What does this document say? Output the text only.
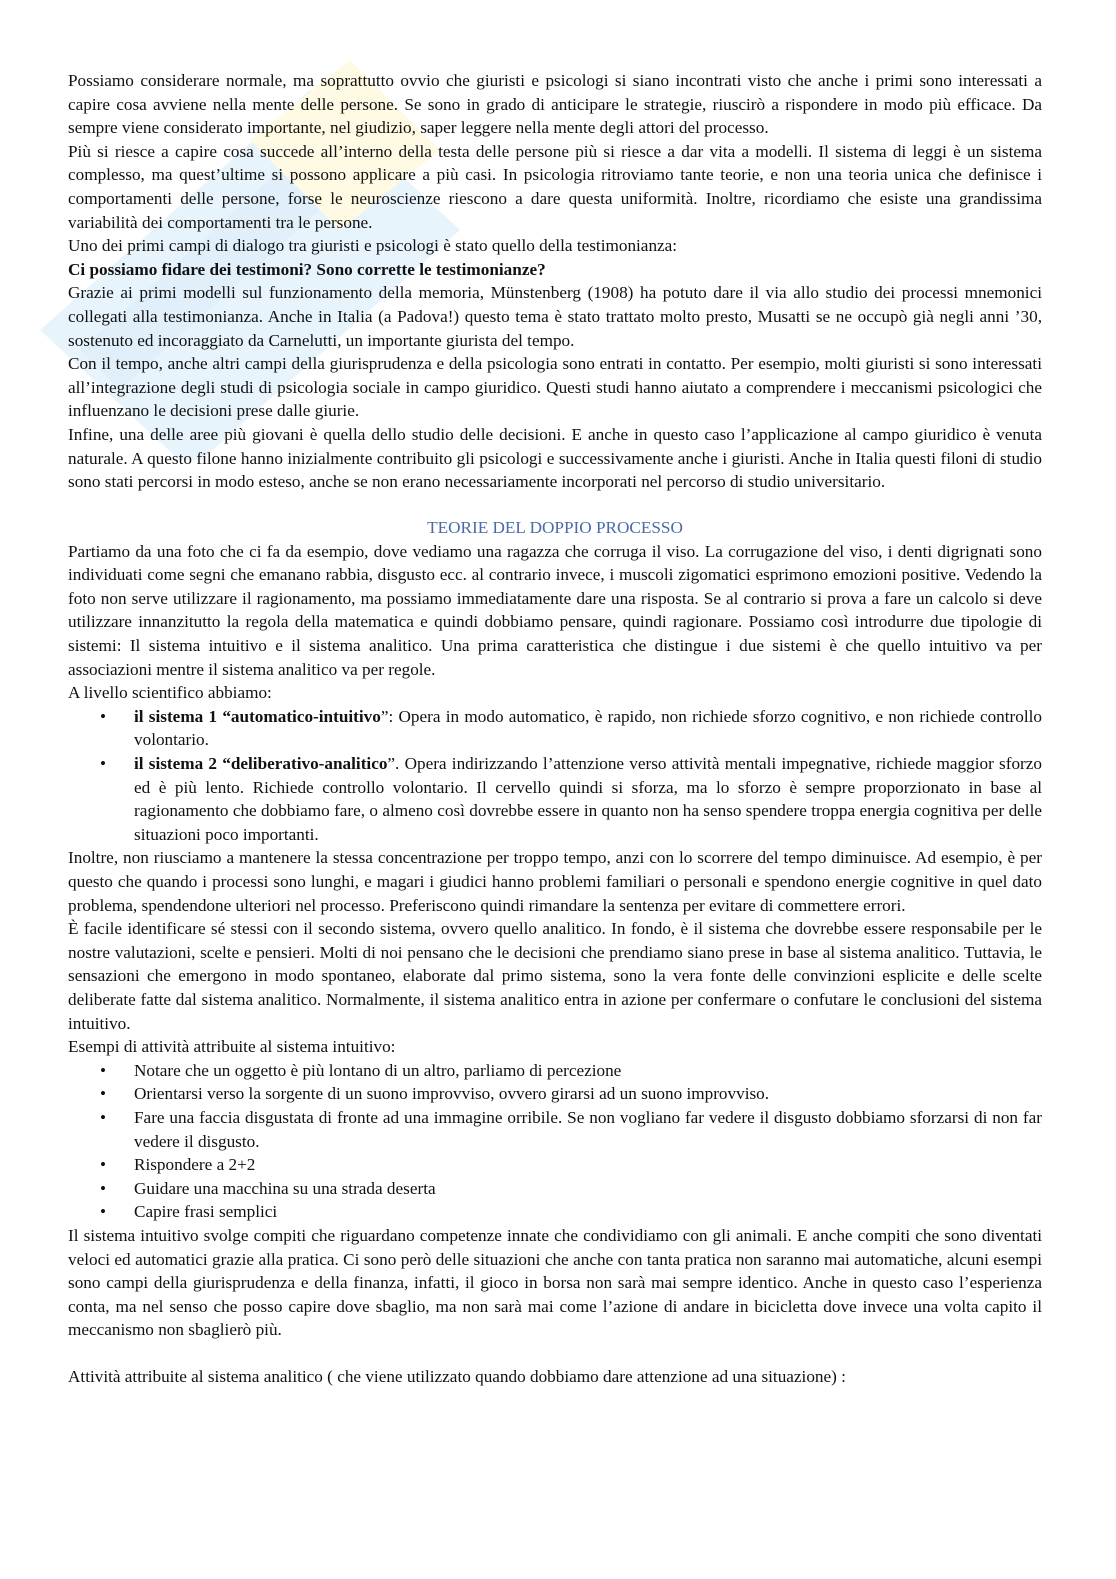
Possiamo considerare normale, ma soprattutto ovvio che giuristi e psicologi si siano incontrati visto che anche i primi sono interessati a capire cosa avviene nella mente delle persone. Se sono in grado di anticipare le strategie, riuscirò a rispondere in modo più efficace. Da sempre viene considerato importante, nel giudizio, saper leggere nella mente degli attori del processo.

Più si riesce a capire cosa succede all’interno della testa delle persone più si riesce a dar vita a modelli. Il sistema di leggi è un sistema complesso, ma quest’ultime si possono applicare a più casi. In psicologia ritroviamo tante teorie, e non una teoria unica che definisce i comportamenti delle persone, forse le neuroscienze riescono a dare questa uniformità. Inoltre, ricordiamo che esiste una grandissima variabilità dei comportamenti tra le persone.

Uno dei primi campi di dialogo tra giuristi e psicologi è stato quello della testimonianza:

Ci possiamo fidare dei testimoni? Sono corrette le testimonianze?

Grazie ai primi modelli sul funzionamento della memoria, Münstenberg (1908) ha potuto dare il via allo studio dei processi mnemonici collegati alla testimonianza. Anche in Italia (a Padova!) questo tema è stato trattato molto presto, Musatti se ne occupò già negli anni ’30, sostenuto ed incoraggiato da Carnelutti, un importante giurista del tempo.

Con il tempo, anche altri campi della giurisprudenza e della psicologia sono entrati in contatto. Per esempio, molti giuristi si sono interessati all’integrazione degli studi di psicologia sociale in campo giuridico. Questi studi hanno aiutato a comprendere i meccanismi psicologici che influenzano le decisioni prese dalle giurie.

Infine, una delle aree più giovani è quella dello studio delle decisioni. E anche in questo caso l’applicazione al campo giuridico è venuta naturale. A questo filone hanno inizialmente contribuito gli psicologi e successivamente anche i giuristi. Anche in Italia questi filoni di studio sono stati percorsi in modo esteso, anche se non erano necessariamente incorporati nel percorso di studio universitario.

TEORIE DEL DOPPIO PROCESSO

Partiamo da una foto che ci fa da esempio, dove vediamo una ragazza che corruga il viso. La corrugazione del viso, i denti digrignati sono individuati come segni che emanano rabbia, disgusto ecc. al contrario invece, i muscoli zigomatici esprimono emozioni positive. Vedendo la foto non serve utilizzare il ragionamento, ma possiamo immediatamente dare una risposta. Se al contrario si prova a fare un calcolo si deve utilizzare innanzitutto la regola della matematica e quindi dobbiamo pensare, quindi ragionare. Possiamo così introdurre due tipologie di sistemi: Il sistema intuitivo e il sistema analitico. Una prima caratteristica che distingue i due sistemi è che quello intuitivo va per associazioni mentre il sistema analitico va per regole.

A livello scientifico abbiamo:

• il sistema 1 “automatico-intuitivo”: Opera in modo automatico, è rapido, non richiede sforzo cognitivo, e non richiede controllo volontario.
• il sistema 2 “deliberativo-analitico”. Opera indirizzando l’attenzione verso attività mentali impegnative, richiede maggior sforzo ed è più lento. Richiede controllo volontario. Il cervello quindi si sforza, ma lo sforzo è sempre proporzionato in base al ragionamento che dobbiamo fare, o almeno così dovrebbe essere in quanto non ha senso spendere troppa energia cognitiva per delle situazioni poco importanti.

Inoltre, non riusciamo a mantenere la stessa concentrazione per troppo tempo, anzi con lo scorrere del tempo diminuisce. Ad esempio, è per questo che quando i processi sono lunghi, e magari i giudici hanno problemi familiari o personali e spendono energie cognitive in quel dato problema, spendendone ulteriori nel processo. Preferiscono quindi rimandare la sentenza per evitare di commettere errori.

È facile identificare sé stessi con il secondo sistema, ovvero quello analitico. In fondo, è il sistema che dovrebbe essere responsabile per le nostre valutazioni, scelte e pensieri. Molti di noi pensano che le decisioni che prendiamo siano prese in base al sistema analitico. Tuttavia, le sensazioni che emergono in modo spontaneo, elaborate dal primo sistema, sono la vera fonte delle convinzioni esplicite e delle scelte deliberate fatte dal sistema analitico. Normalmente, il sistema analitico entra in azione per confermare o confutare le conclusioni del sistema intuitivo.

Esempi di attività attribuite al sistema intuitivo:

• Notare che un oggetto è più lontano di un altro, parliamo di percezione
• Orientarsi verso la sorgente di un suono improvviso, ovvero girarsi ad un suono improvviso.
• Fare una faccia disgustata di fronte ad una immagine orribile. Se non vogliano far vedere il disgusto dobbiamo sforzarsi di non far vedere il disgusto.
• Rispondere a 2+2
• Guidare una macchina su una strada deserta
• Capire frasi semplici

Il sistema intuitivo svolge compiti che riguardano competenze innate che condividiamo con gli animali. E anche compiti che sono diventati veloci ed automatici grazie alla pratica. Ci sono però delle situazioni che anche con tanta pratica non saranno mai automatiche, alcuni esempi sono campi della giurisprudenza e della finanza, infatti, il gioco in borsa non sarà mai sempre identico. Anche in questo caso l’esperienza conta, ma nel senso che posso capire dove sbaglio, ma non sarà mai come l’azione di andare in bicicletta dove invece una volta capito il meccanismo non sbaglierò più.

Attività attribuite al sistema analitico ( che viene utilizzato quando dobbiamo dare attenzione ad una situazione) :
